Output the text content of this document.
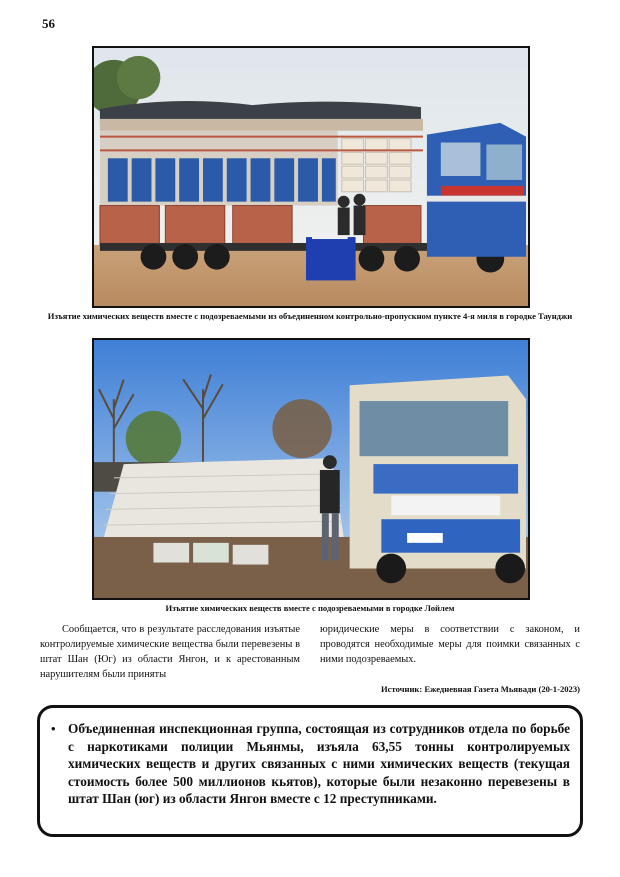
56
Изъятие химических веществ вместе с подозреваемыми из объединенном контрольно-пропускном пункте 4-я миля в городке Таунджи
Изъятие химических веществ вместе с подозреваемыми в городке Лойлем
Сообщается, что в результате расследования изъятые контролируемые химические вещества были перевезены в штат Шан (Юг) из области Янгон, и к арестованным нарушителям были приняты
юридические меры в соответствии с законом, и проводятся необходимые меры для поимки связанных с ними подозреваемых.
Источник: Ежедневная Газета Мьявади (20-1-2023)
• Объединенная инспекционная группа, состоящая из сотрудников отдела по борьбе с наркотиками полиции Мьянмы, изъяла 63,55 тонны контролируемых химических веществ и других связанных с ними химических веществ (текущая стоимость более 500 миллионов кьятов), которые были незаконно перевезены в штат Шан (юг) из области Янгон вместе с 12 преступниками.
